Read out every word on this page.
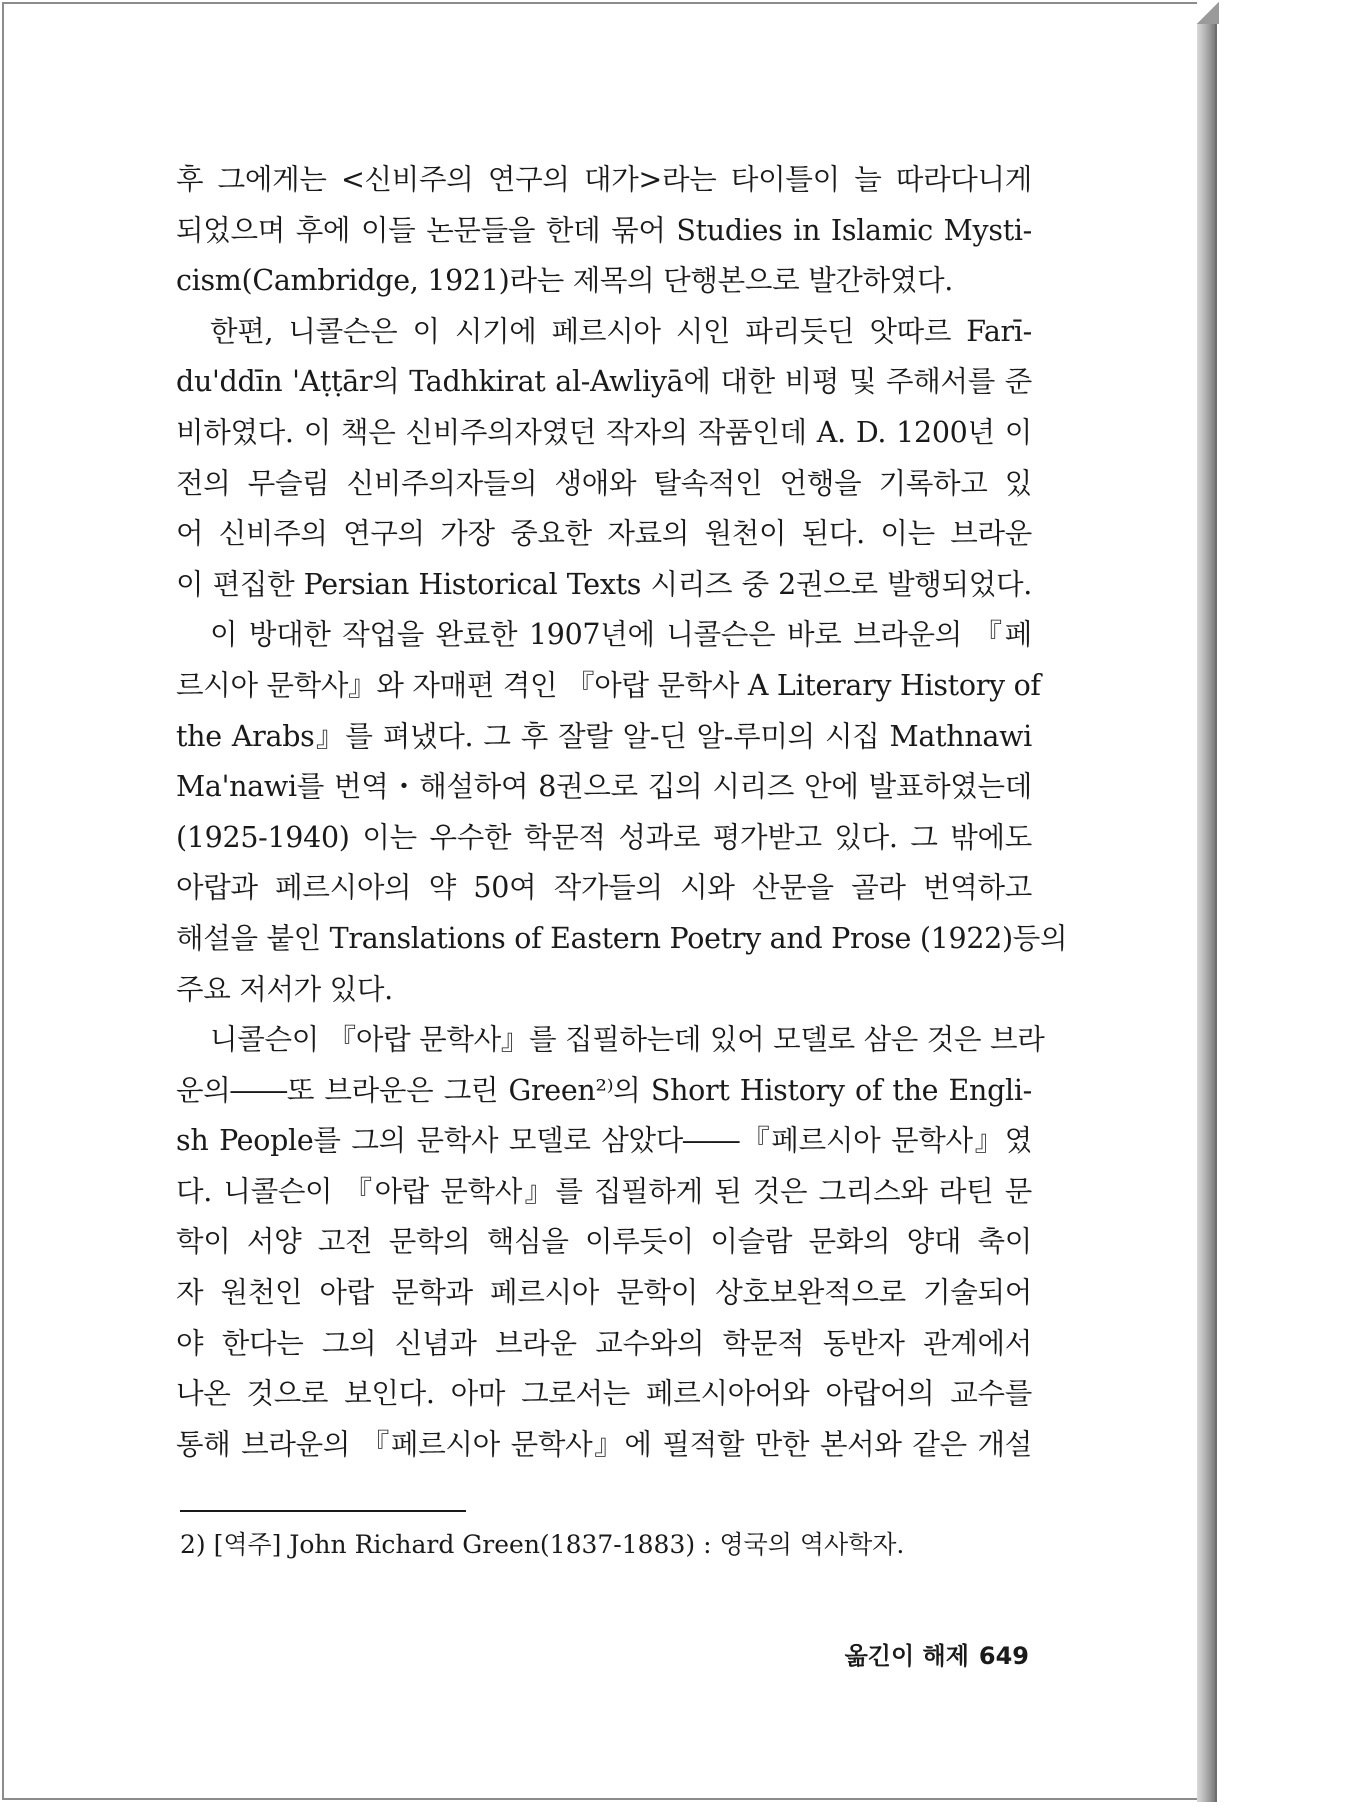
후 그에게는 <신비주의 연구의 대가>라는 타이틀이 늘 따라다니게
되었으며 후에 이들 논문들을 한데 묶어 Studies in Islamic Mysti-
cism(Cambridge, 1921)라는 제목의 단행본으로 발간하였다.
한편, 니콜슨은 이 시기에 페르시아 시인 파리듯딘 앗따르 Farī-
du'ddīn 'Aṭṭār의 Tadhkirat al-Awliyā에 대한 비평 및 주해서를 준
비하였다. 이 책은 신비주의자였던 작자의 작품인데 A. D. 1200년 이
전의 무슬림 신비주의자들의 생애와 탈속적인 언행을 기록하고 있
어 신비주의 연구의 가장 중요한 자료의 원천이 된다. 이는 브라운
이 편집한 Persian Historical Texts 시리즈 중 2권으로 발행되었다.
이 방대한 작업을 완료한 1907년에 니콜슨은 바로 브라운의 『페
르시아 문학사』와 자매편 격인 『아랍 문학사 A Literary History of
the Arabs』를 펴냈다. 그 후 잘랄 알-딘 알-루미의 시집 Mathnawi
Ma'nawi를 번역・해설하여 8권으로 깁의 시리즈 안에 발표하였는데
(1925-1940) 이는 우수한 학문적 성과로 평가받고 있다. 그 밖에도
아랍과 페르시아의 약 50여 작가들의 시와 산문을 골라 번역하고
해설을 붙인 Translations of Eastern Poetry and Prose (1922)등의
주요 저서가 있다.
니콜슨이 『아랍 문학사』를 집필하는데 있어 모델로 삼은 것은 브라
운의――또 브라운은 그린 Green²⁾의 Short History of the Engli-
sh People를 그의 문학사 모델로 삼았다――『페르시아 문학사』였
다. 니콜슨이 『아랍 문학사』를 집필하게 된 것은 그리스와 라틴 문
학이 서양 고전 문학의 핵심을 이루듯이 이슬람 문화의 양대 축이
자 원천인 아랍 문학과 페르시아 문학이 상호보완적으로 기술되어
야 한다는 그의 신념과 브라운 교수와의 학문적 동반자 관계에서
나온 것으로 보인다. 아마 그로서는 페르시아어와 아랍어의 교수를
통해 브라운의 『페르시아 문학사』에 필적할 만한 본서와 같은 개설
2) [역주] John Richard Green(1837-1883) : 영국의 역사학자.
옮긴이 해제 649
